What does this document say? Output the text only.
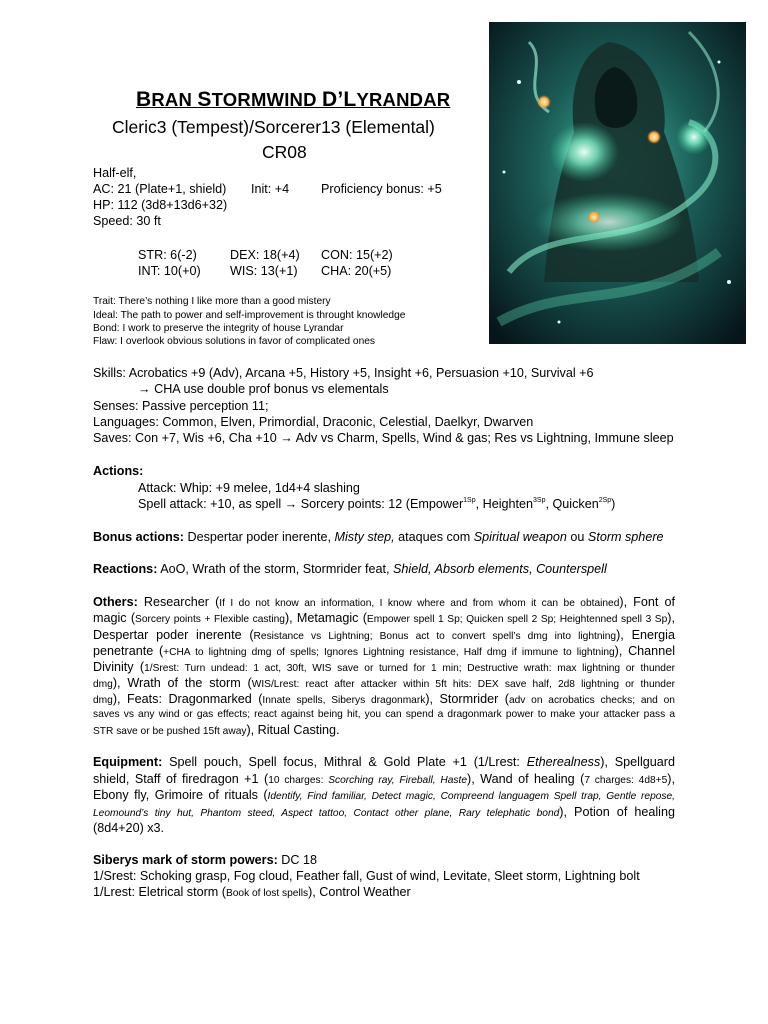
BRAN STORMWIND D’LYRANDAR
Cleric3 (Tempest)/Sorcerer13 (Elemental)
CR08
Half-elf,
AC: 21 (Plate+1, shield) Init: +4	Proficiency bonus: +5
HP: 112 (3d8+13d6+32)
Speed: 30 ft
STR: 6(-2)	DEX: 18(+4) CON: 15(+2)
INT: 10(+0) WIS: 13(+1) CHA: 20(+5)
Trait: There’s nothing I like more than a good mistery
Ideal: The path to power and self-improvement is throught knowledge
Bond: I work to preserve the integrity of house Lyrandar
Flaw: I overlook obvious solutions in favor of complicated ones
Skills: Acrobatics +9 (Adv), Arcana +5, History +5, Insight +6, Persuasion +10, Survival +6
→ CHA use double prof bonus vs elementals
Senses: Passive perception 11;
Languages: Common, Elven, Primordial, Draconic, Celestial, Daelkyr, Dwarven
Saves: Con +7, Wis +6, Cha +10 → Adv vs Charm, Spells, Wind & gas; Res vs Lightning, Immune sleep
Actions:
Attack: Whip: +9 melee, 1d4+4 slashing
Spell attack: +10, as spell → Sorcery points: 12 (Empower$^{1Sp}$, Heighten$^{3Sp}$, Quicken$^{2Sp}$)
Bonus actions: Despertar poder inerente, Misty step, ataques com Spiritual weapon ou Storm sphere
Reactions: AoO, Wrath of the storm, Stormrider feat, Shield, Absorb elements, Counterspell
Others: Researcher (If I do not know an information, I know where and from whom it can be obtained), Font of
magic (Sorcery points + Flexible casting), Metamagic (Empower spell 1 Sp; Quicken spell 2 Sp; Heightenned spell 3 Sp),
Despertar poder inerente (Resistance vs Lightning; Bonus act to convert spell’s dmg into lightning), Energia
penetrante (+CHA to lightning dmg of spells; Ignores Lightning resistance, Half dmg if immune to lightning), Channel
Divinity (1/Srest: Turn undead: 1 act, 30ft, WIS save or turned for 1 min; Destructive wrath: max lightning or thunder
dmg), Wrath of the storm (WIS/Lrest: react after attacker within 5ft hits: DEX save half, 2d8 lightning or thunder
dmg), Feats: Dragonmarked (Innate spells, Siberys dragonmark), Stormrider (adv on acrobatics checks; and on
saves vs any wind or gas effects; react against being hit, you can spend a dragonmark power to make your attacker pass a
STR save or be pushed 15ft away), Ritual Casting.
Equipment: Spell pouch, Spell focus, Mithral & Gold Plate +1 (1/Lrest: Etherealness), Spellguard
shield, Staff of firedragon +1 (10 charges: Scorching ray, Fireball, Haste), Wand of healing (7 charges: 4d8+5),
Ebony fly, Grimoire of rituals (Identify, Find familiar, Detect magic, Compreend languagem Spell trap, Gentle repose,
Leomound’s tiny hut, Phantom steed, Aspect tattoo, Contact other plane, Rary telephatic bond), Potion of healing
(8d4+20) x3.
Siberys mark of storm powers: DC 18
1/Srest: Schoking grasp, Fog cloud, Feather fall, Gust of wind, Levitate, Sleet storm, Lightning bolt
1/Lrest: Eletrical storm (Book of lost spells), Control Weather
